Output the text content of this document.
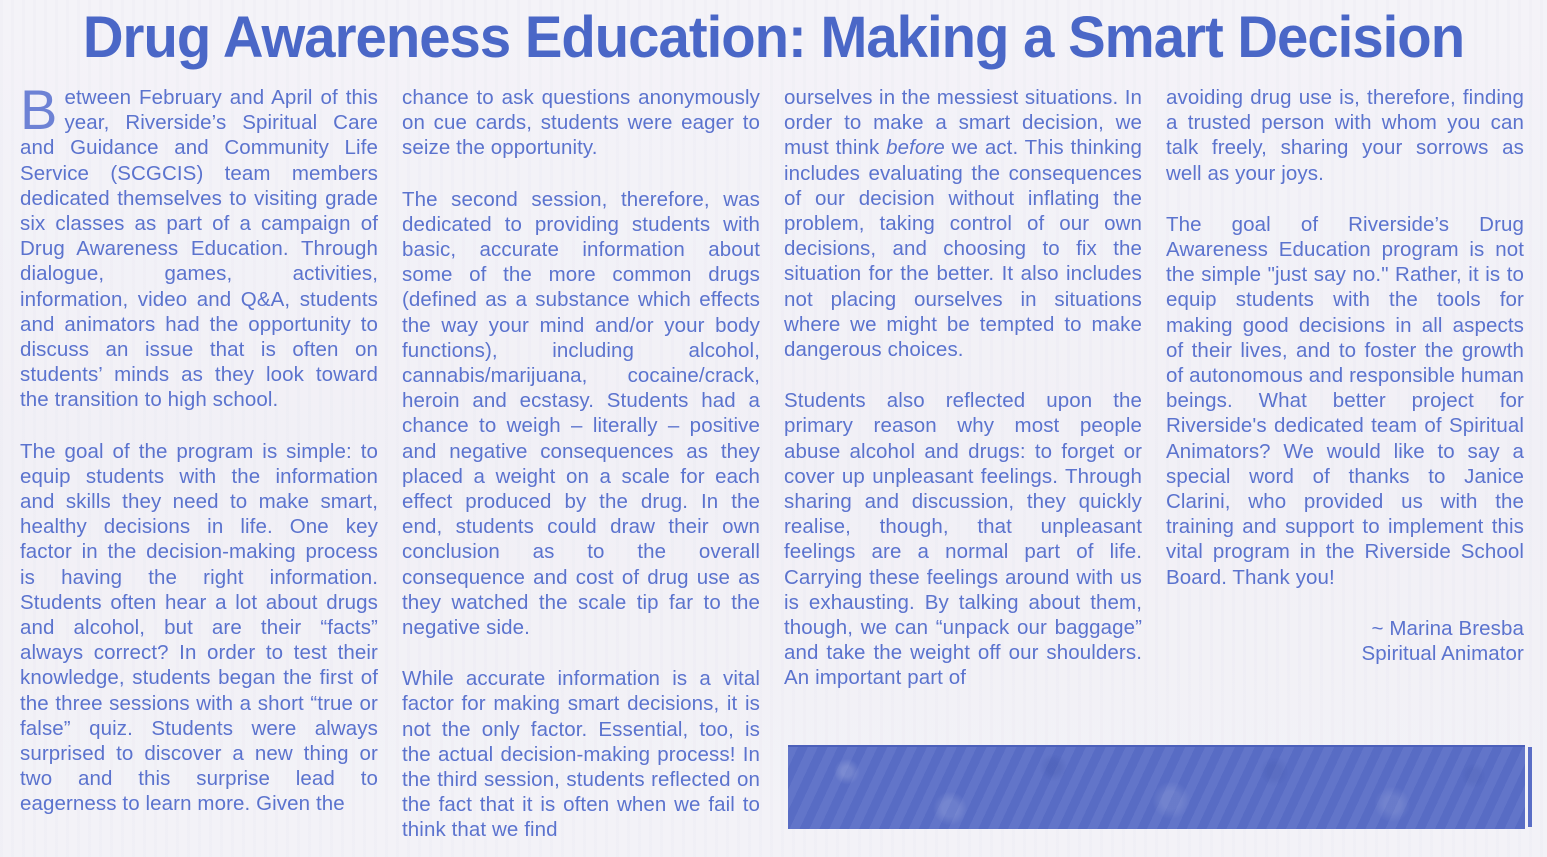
Drug Awareness Education: Making a Smart Decision

Between February and April of this year, Riverside’s Spiritual Care and Guidance and Community Life Service (SCGCIS) team members dedicated themselves to visiting grade six classes as part of a campaign of Drug Awareness Education. Through dialogue, games, activities, information, video and Q&A, students and animators had the opportunity to discuss an issue that is often on students’ minds as they look toward the transition to high school.

The goal of the program is simple: to equip students with the information and skills they need to make smart, healthy decisions in life. One key factor in the decision-making process is having the right information. Students often hear a lot about drugs and alcohol, but are their “facts” always correct? In order to test their knowledge, students began the first of the three sessions with a short “true or false” quiz. Students were always surprised to discover a new thing or two and this surprise lead to eagerness to learn more. Given the

chance to ask questions anonymously on cue cards, students were eager to seize the opportunity.

The second session, therefore, was dedicated to providing students with basic, accurate information about some of the more common drugs (defined as a substance which effects the way your mind and/or your body functions), including alcohol, cannabis/marijuana, cocaine/crack, heroin and ecstasy. Students had a chance to weigh – literally – positive and negative consequences as they placed a weight on a scale for each effect produced by the drug. In the end, students could draw their own conclusion as to the overall consequence and cost of drug use as they watched the scale tip far to the negative side.

While accurate information is a vital factor for making smart decisions, it is not the only factor. Essential, too, is the actual decision-making process! In the third session, students reflected on the fact that it is often when we fail to think that we find

ourselves in the messiest situations. In order to make a smart decision, we must think before we act. This thinking includes evaluating the consequences of our decision without inflating the problem, taking control of our own decisions, and choosing to fix the situation for the better. It also includes not placing ourselves in situations where we might be tempted to make dangerous choices.

Students also reflected upon the primary reason why most people abuse alcohol and drugs: to forget or cover up unpleasant feelings. Through sharing and discussion, they quickly realise, though, that unpleasant feelings are a normal part of life. Carrying these feelings around with us is exhausting. By talking about them, though, we can “unpack our baggage” and take the weight off our shoulders. An important part of

avoiding drug use is, therefore, finding a trusted person with whom you can talk freely, sharing your sorrows as well as your joys.

The goal of Riverside’s Drug Awareness Education program is not the simple "just say no." Rather, it is to equip students with the tools for making good decisions in all aspects of their lives, and to foster the growth of autonomous and responsible human beings. What better project for Riverside's dedicated team of Spiritual Animators? We would like to say a special word of thanks to Janice Clarini, who provided us with the training and support to implement this vital program in the Riverside School Board. Thank you!

~ Marina Bresba

Spiritual Animator
